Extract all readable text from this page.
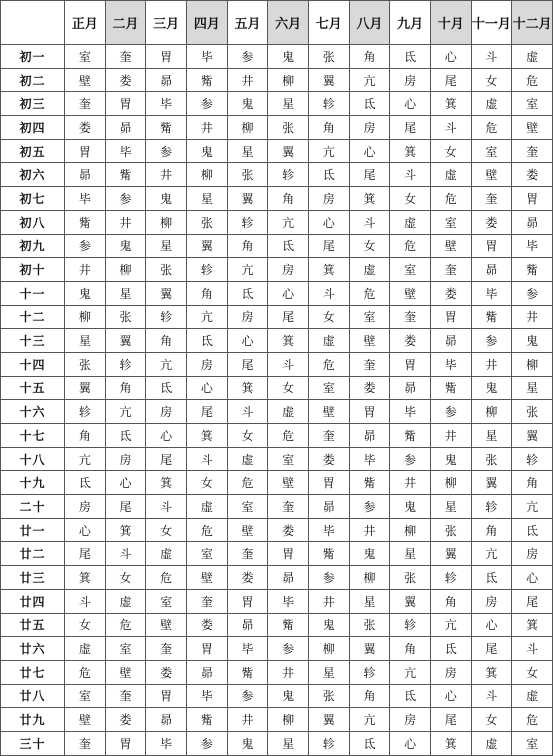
	正月	二月	三月	四月	五月	六月	七月	八月	九月	十月	十一月	十二月
初一	室	奎	胃	毕	参	鬼	张	角	氐	心	斗	虚
初二	壁	娄	昴	觜	井	柳	翼	亢	房	尾	女	危
初三	奎	胃	毕	参	鬼	星	轸	氐	心	箕	虚	室
初四	娄	昴	觜	井	柳	张	角	房	尾	斗	危	壁
初五	胃	毕	参	鬼	星	翼	亢	心	箕	女	室	奎
初六	昴	觜	井	柳	张	轸	氐	尾	斗	虚	壁	娄
初七	毕	参	鬼	星	翼	角	房	箕	女	危	奎	胃
初八	觜	井	柳	张	轸	亢	心	斗	虚	室	娄	昴
初九	参	鬼	星	翼	角	氐	尾	女	危	壁	胃	毕
初十	井	柳	张	轸	亢	房	箕	虚	室	奎	昴	觜
十一	鬼	星	翼	角	氐	心	斗	危	壁	娄	毕	参
十二	柳	张	轸	亢	房	尾	女	室	奎	胃	觜	井
十三	星	翼	角	氐	心	箕	虚	壁	娄	昴	参	鬼
十四	张	轸	亢	房	尾	斗	危	奎	胃	毕	井	柳
十五	翼	角	氐	心	箕	女	室	娄	昴	觜	鬼	星
十六	轸	亢	房	尾	斗	虚	壁	胃	毕	参	柳	张
十七	角	氐	心	箕	女	危	奎	昴	觜	井	星	翼
十八	亢	房	尾	斗	虚	室	娄	毕	参	鬼	张	轸
十九	氐	心	箕	女	危	壁	胃	觜	井	柳	翼	角
二十	房	尾	斗	虚	室	奎	昴	参	鬼	星	轸	亢
廿一	心	箕	女	危	壁	娄	毕	井	柳	张	角	氐
廿二	尾	斗	虚	室	奎	胃	觜	鬼	星	翼	亢	房
廿三	箕	女	危	壁	娄	昴	参	柳	张	轸	氐	心
廿四	斗	虚	室	奎	胃	毕	井	星	翼	角	房	尾
廿五	女	危	壁	娄	昴	觜	鬼	张	轸	亢	心	箕
廿六	虚	室	奎	胃	毕	参	柳	翼	角	氐	尾	斗
廿七	危	壁	娄	昴	觜	井	星	轸	亢	房	箕	女
廿八	室	奎	胃	毕	参	鬼	张	角	氐	心	斗	虚
廿九	壁	娄	昴	觜	井	柳	翼	亢	房	尾	女	危
三十	奎	胃	毕	参	鬼	星	轸	氐	心	箕	虚	室
